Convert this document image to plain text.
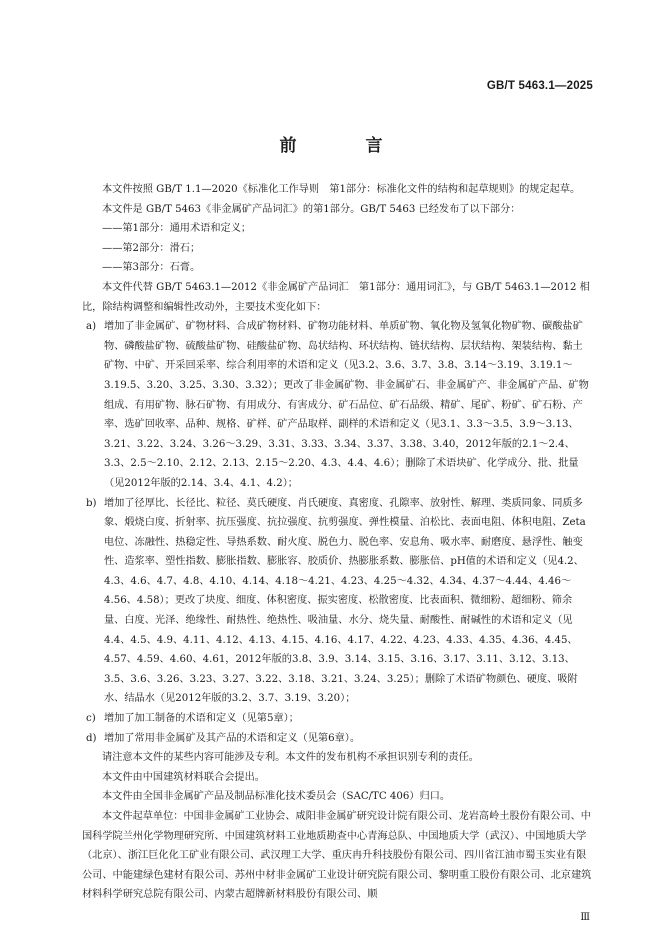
GB/T 5463.1—2025
前　言

本文件按照 GB/T 1.1—2020《标准化工作导则　第1部分：标准化文件的结构和起草规则》的规定起草。

本文件是 GB/T 5463《非金属矿产品词汇》的第1部分。GB/T 5463 已经发布了以下部分：

——第1部分：通用术语和定义；

——第2部分：滑石；

——第3部分：石膏。

本文件代替 GB/T 5463.1—2012《非金属矿产品词汇　第1部分：通用词汇》，与 GB/T 5463.1—2012 相比，除结构调整和编辑性改动外，主要技术变化如下：

a) 增加了非金属矿、矿物材料、合成矿物材料、矿物功能材料、单质矿物、氧化物及氢氧化物矿物、碳酸盐矿物、磷酸盐矿物、硫酸盐矿物、硅酸盐矿物、岛状结构、环状结构、链状结构、层状结构、架装结构、黏土矿物、中矿、开采回采率、综合利用率的术语和定义（见3.2、3.6、3.7、3.8、3.14～3.19、3.19.1～3.19.5、3.20、3.25、3.30、3.32）；更改了非金属矿物、非金属矿石、非金属矿产、非金属矿产品、矿物组成、有用矿物、脉石矿物、有用成分、有害成分、矿石品位、矿石品级、精矿、尾矿、粉矿、矿石粉、产率、选矿回收率、品种、规格、矿样、矿产品取样、副样的术语和定义（见3.1、3.3～3.5、3.9～3.13、3.21、3.22、3.24、3.26～3.29、3.31、3.33、3.34、3.37、3.38、3.40，2012年版的2.1～2.4、3.3、2.5～2.10、2.12、2.13、2.15～2.20、4.3、4.4、4.6）；删除了术语块矿、化学成分、批、批量（见2012年版的2.14、3.4、4.1、4.2）；
b) 增加了径厚比、长径比、粒径、莫氏硬度、肖氏硬度、真密度、孔隙率、放射性、解理、类质同象、同质多象、煅烧白度、折射率、抗压强度、抗拉强度、抗剪强度、弹性模量、泊松比、表面电阻、体积电阻、Zeta电位、冻融性、热稳定性、导热系数、耐火度、脱色力、脱色率、安息角、吸水率、耐磨度、悬浮性、触变性、造浆率、塑性指数、膨胀指数、膨胀容、胶质价、热膨胀系数、膨胀倍、pH值的术语和定义（见4.2、4.3、4.6、4.7、4.8、4.10、4.14、4.18～4.21、4.23、4.25～4.32、4.34、4.37～4.44、4.46～4.56、4.58）；更改了块度、细度、体积密度、振实密度、松散密度、比表面积、微细粉、超细粉、筛余量、白度、光泽、绝缘性、耐热性、绝热性、吸油量、水分、烧失量、耐酸性、耐碱性的术语和定义（见4.4、4.5、4.9、4.11、4.12、4.13、4.15、4.16、4.17、4.22、4.23、4.33、4.35、4.36、4.45、4.57、4.59、4.60、4.61，2012年版的3.8、3.9、3.14、3.15、3.16、3.17、3.11、3.12、3.13、3.5、3.6、3.26、3.23、3.27、3.22、3.18、3.21、3.24、3.25）；删除了术语矿物颜色、硬度、吸附水、结晶水（见2012年版的3.2、3.7、3.19、3.20）；
c) 增加了加工制备的术语和定义（见第5章）；
d) 增加了常用非金属矿及其产品的术语和定义（见第6章）。

请注意本文件的某些内容可能涉及专利。本文件的发布机构不承担识别专利的责任。

本文件由中国建筑材料联合会提出。

本文件由全国非金属矿产品及制品标准化技术委员会（SAC/TC 406）归口。

本文件起草单位：中国非金属矿工业协会、咸阳非金属矿研究设计院有限公司、龙岩高岭土股份有限公司、中国科学院兰州化学物理研究所、中国建筑材料工业地质勘查中心青海总队、中国地质大学（武汉）、中国地质大学（北京）、浙江巨化化工矿业有限公司、武汉理工大学、重庆冉升科技股份有限公司、四川省江油市蜀玉实业有限公司、中能建绿色建材有限公司、苏州中材非金属矿工业设计研究院有限公司、黎明重工股份有限公司、北京建筑材料科学研究总院有限公司、内蒙古超牌新材料股份有限公司、顺

Ⅲ
